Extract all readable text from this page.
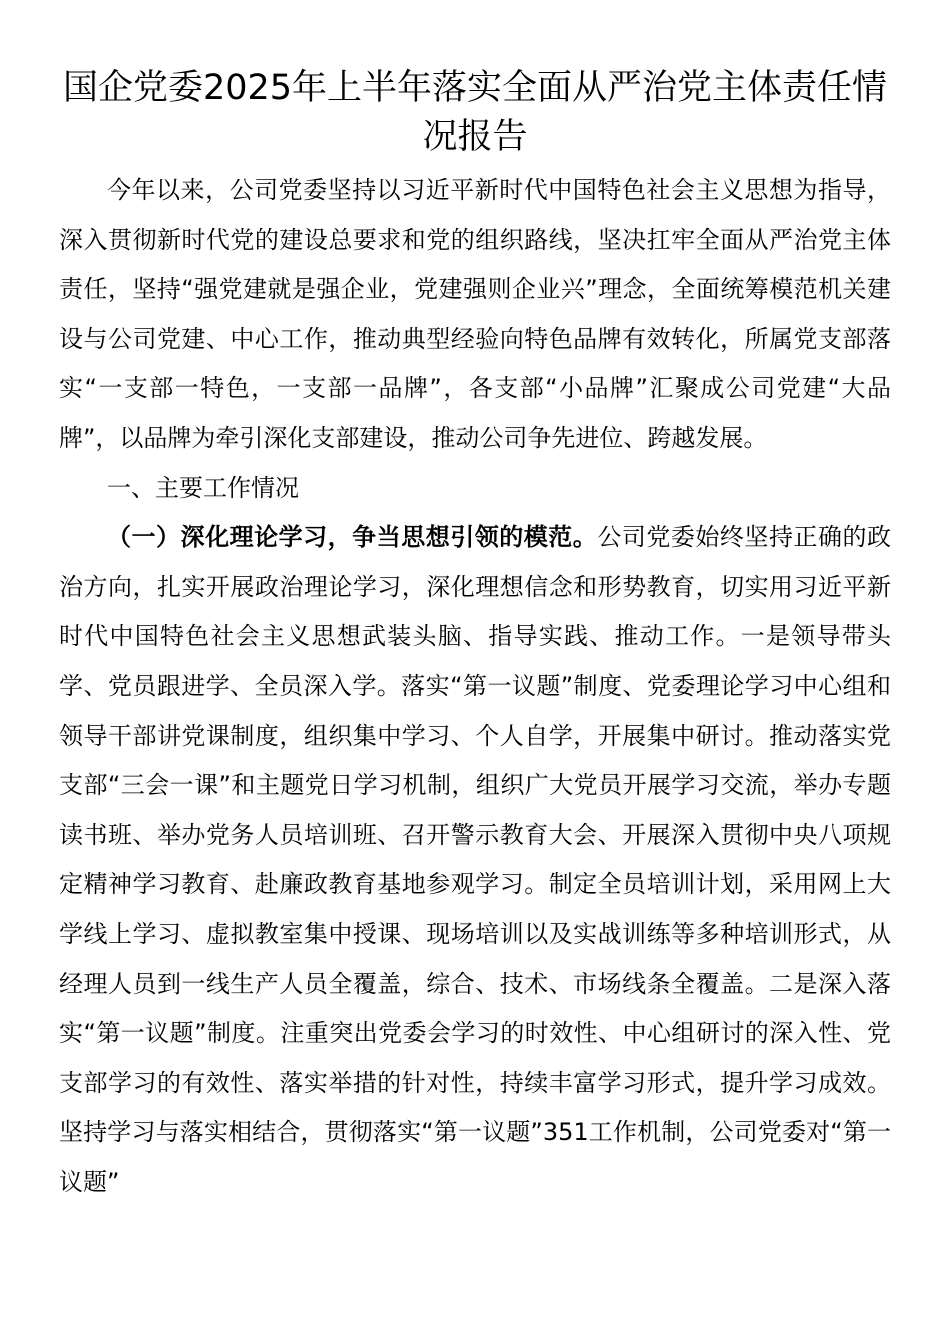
国企党委2025年上半年落实全面从严治党主体责任情况报告

今年以来，公司党委坚持以习近平新时代中国特色社会主义思想为指导，深入贯彻新时代党的建设总要求和党的组织路线，坚决扛牢全面从严治党主体责任，坚持“强党建就是强企业，党建强则企业兴”理念，全面统筹模范机关建设与公司党建、中心工作，推动典型经验向特色品牌有效转化，所属党支部落实“一支部一特色，一支部一品牌”，各支部“小品牌”汇聚成公司党建“大品牌”，以品牌为牵引深化支部建设，推动公司争先进位、跨越发展。

一、主要工作情况

（一）深化理论学习，争当思想引领的模范。公司党委始终坚持正确的政治方向，扎实开展政治理论学习，深化理想信念和形势教育，切实用习近平新时代中国特色社会主义思想武装头脑、指导实践、推动工作。一是领导带头学、党员跟进学、全员深入学。落实“第一议题”制度、党委理论学习中心组和领导干部讲党课制度，组织集中学习、个人自学，开展集中研讨。推动落实党支部“三会一课”和主题党日学习机制，组织广大党员开展学习交流，举办专题读书班、举办党务人员培训班、召开警示教育大会、开展深入贯彻中央八项规定精神学习教育、赴廉政教育基地参观学习。制定全员培训计划，采用网上大学线上学习、虚拟教室集中授课、现场培训以及实战训练等多种培训形式，从经理人员到一线生产人员全覆盖，综合、技术、市场线条全覆盖。二是深入落实“第一议题”制度。注重突出党委会学习的时效性、中心组研讨的深入性、党支部学习的有效性、落实举措的针对性，持续丰富学习形式，提升学习成效。坚持学习与落实相结合，贯彻落实“第一议题”351工作机制，公司党委对“第一议题”
